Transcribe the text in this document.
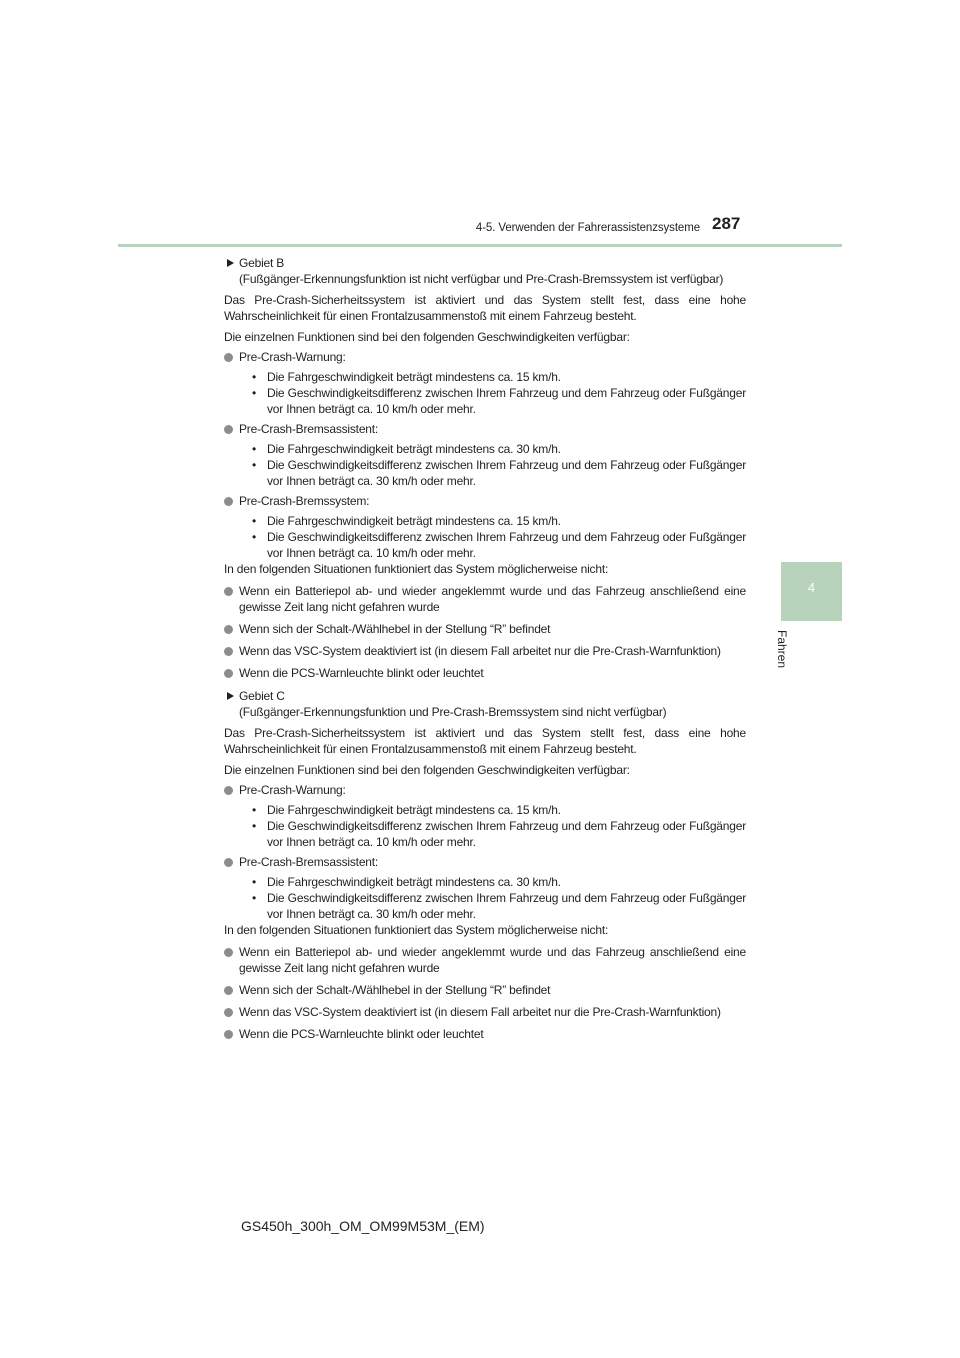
4-5. Verwenden der Fahrerassistenzsysteme 287
4
Fahren
Gebiet B
(Fußgänger-Erkennungsfunktion ist nicht verfügbar und Pre-Crash-Bremssystem ist verfügbar)
Das Pre-Crash-Sicherheitssystem ist aktiviert und das System stellt fest, dass eine hohe Wahrscheinlichkeit für einen Frontalzusammenstoß mit einem Fahrzeug besteht.
Die einzelnen Funktionen sind bei den folgenden Geschwindigkeiten verfügbar:
Pre-Crash-Warnung:
• Die Fahrgeschwindigkeit beträgt mindestens ca. 15 km/h.
• Die Geschwindigkeitsdifferenz zwischen Ihrem Fahrzeug und dem Fahrzeug oder Fußgänger vor Ihnen beträgt ca. 10 km/h oder mehr.
Pre-Crash-Bremsassistent:
• Die Fahrgeschwindigkeit beträgt mindestens ca. 30 km/h.
• Die Geschwindigkeitsdifferenz zwischen Ihrem Fahrzeug und dem Fahrzeug oder Fußgänger vor Ihnen beträgt ca. 30 km/h oder mehr.
Pre-Crash-Bremssystem:
• Die Fahrgeschwindigkeit beträgt mindestens ca. 15 km/h.
• Die Geschwindigkeitsdifferenz zwischen Ihrem Fahrzeug und dem Fahrzeug oder Fußgänger vor Ihnen beträgt ca. 10 km/h oder mehr.
In den folgenden Situationen funktioniert das System möglicherweise nicht:
Wenn ein Batteriepol ab- und wieder angeklemmt wurde und das Fahrzeug anschließend eine gewisse Zeit lang nicht gefahren wurde
Wenn sich der Schalt-/Wählhebel in der Stellung “R” befindet
Wenn das VSC-System deaktiviert ist (in diesem Fall arbeitet nur die Pre-Crash-Warnfunktion)
Wenn die PCS-Warnleuchte blinkt oder leuchtet
Gebiet C
(Fußgänger-Erkennungsfunktion und Pre-Crash-Bremssystem sind nicht verfügbar)
Das Pre-Crash-Sicherheitssystem ist aktiviert und das System stellt fest, dass eine hohe Wahrscheinlichkeit für einen Frontalzusammenstoß mit einem Fahrzeug besteht.
Die einzelnen Funktionen sind bei den folgenden Geschwindigkeiten verfügbar:
Pre-Crash-Warnung:
• Die Fahrgeschwindigkeit beträgt mindestens ca. 15 km/h.
• Die Geschwindigkeitsdifferenz zwischen Ihrem Fahrzeug und dem Fahrzeug oder Fußgänger vor Ihnen beträgt ca. 10 km/h oder mehr.
Pre-Crash-Bremsassistent:
• Die Fahrgeschwindigkeit beträgt mindestens ca. 30 km/h.
• Die Geschwindigkeitsdifferenz zwischen Ihrem Fahrzeug und dem Fahrzeug oder Fußgänger vor Ihnen beträgt ca. 30 km/h oder mehr.
In den folgenden Situationen funktioniert das System möglicherweise nicht:
Wenn ein Batteriepol ab- und wieder angeklemmt wurde und das Fahrzeug anschließend eine gewisse Zeit lang nicht gefahren wurde
Wenn sich der Schalt-/Wählhebel in der Stellung “R” befindet
Wenn das VSC-System deaktiviert ist (in diesem Fall arbeitet nur die Pre-Crash-Warnfunktion)
Wenn die PCS-Warnleuchte blinkt oder leuchtet
GS450h_300h_OM_OM99M53M_(EM)
